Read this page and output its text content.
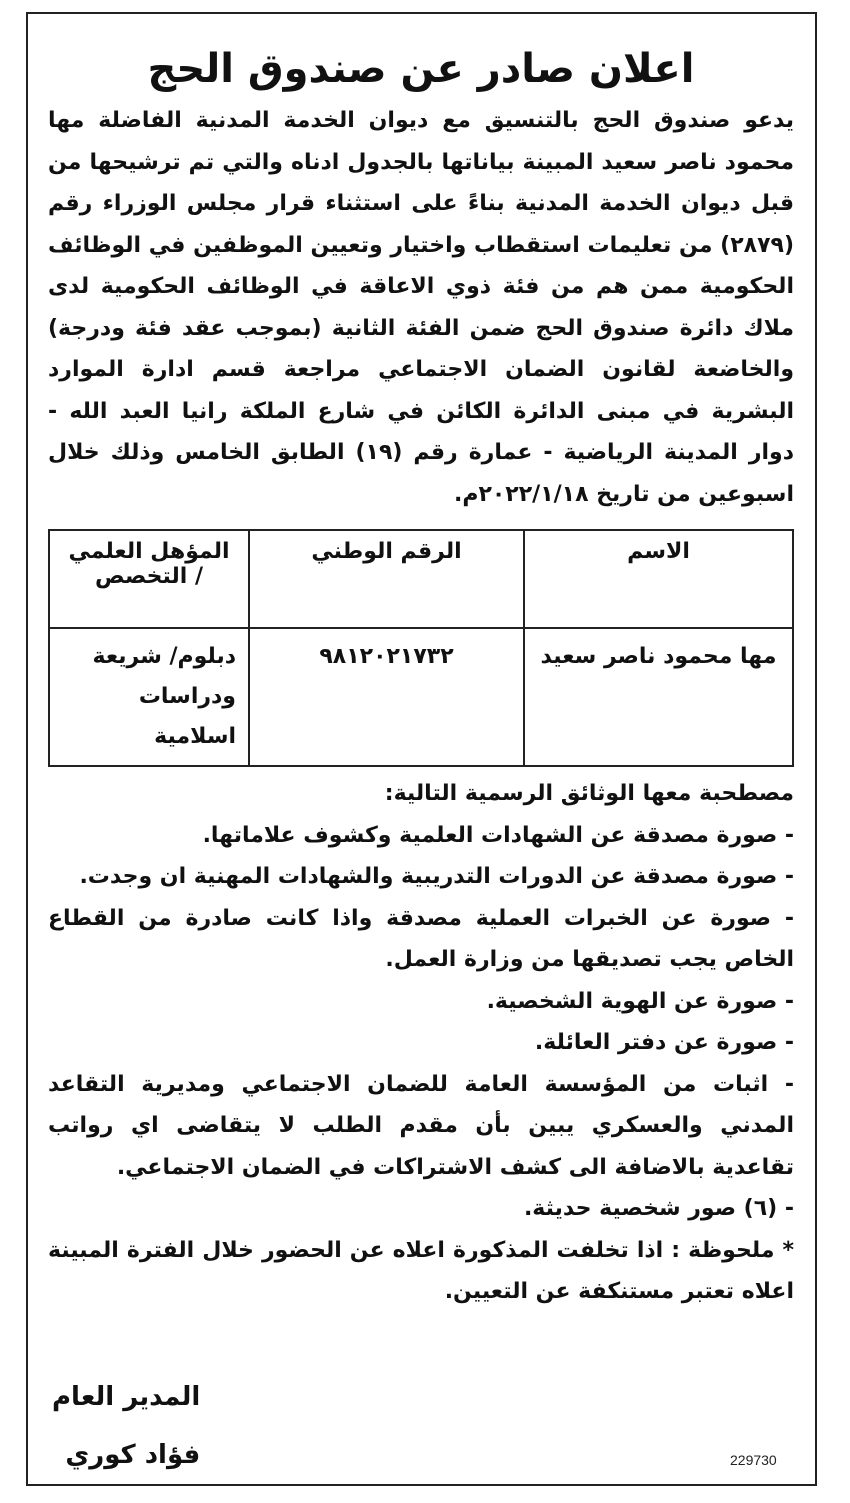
اعلان صادر عن صندوق الحج

يدعو صندوق الحج بالتنسيق مع ديوان الخدمة المدنية الفاضلة مها محمود ناصر سعيد المبينة بياناتها بالجدول ادناه والتي تم ترشيحها من قبل ديوان الخدمة المدنية بناءً على استثناء قرار مجلس الوزراء رقم (٢٨٧٩) من تعليمات استقطاب واختيار وتعيين الموظفين في الوظائف الحكومية ممن هم من فئة ذوي الاعاقة في الوظائف الحكومية لدى ملاك دائرة صندوق الحج ضمن الفئة الثانية (بموجب عقد فئة ودرجة) والخاضعة لقانون الضمان الاجتماعي مراجعة قسم ادارة الموارد البشرية في مبنى الدائرة الكائن في شارع الملكة رانيا العبد الله - دوار المدينة الرياضية - عمارة رقم (١٩) الطابق الخامس وذلك خلال اسبوعين من تاريخ ٢٠٢٢/١/١٨م.

الاسم	الرقم الوطني	المؤهل العلمي / التخصص
مها محمود ناصر سعيد	٩٨١٢٠٢١٧٣٢	دبلوم/ شريعة ودراسات اسلامية

مصطحبة معها الوثائق الرسمية التالية:

- صورة مصدقة عن الشهادات العلمية وكشوف علاماتها.

- صورة مصدقة عن الدورات التدريبية والشهادات المهنية ان وجدت.

- صورة عن الخبرات العملية مصدقة واذا كانت صادرة من القطاع الخاص يجب تصديقها من وزارة العمل.

- صورة عن الهوية الشخصية.

- صورة عن دفتر العائلة.

- اثبات من المؤسسة العامة للضمان الاجتماعي ومديرية التقاعد المدني والعسكري يبين بأن مقدم الطلب لا يتقاضى اي رواتب تقاعدية بالاضافة الى كشف الاشتراكات في الضمان الاجتماعي.

- (٦) صور شخصية حديثة.

* ملحوظة : اذا تخلفت المذكورة اعلاه عن الحضور خلال الفترة المبينة اعلاه تعتبر مستنكفة عن التعيين.

المدير العام
فؤاد كوري	229730
